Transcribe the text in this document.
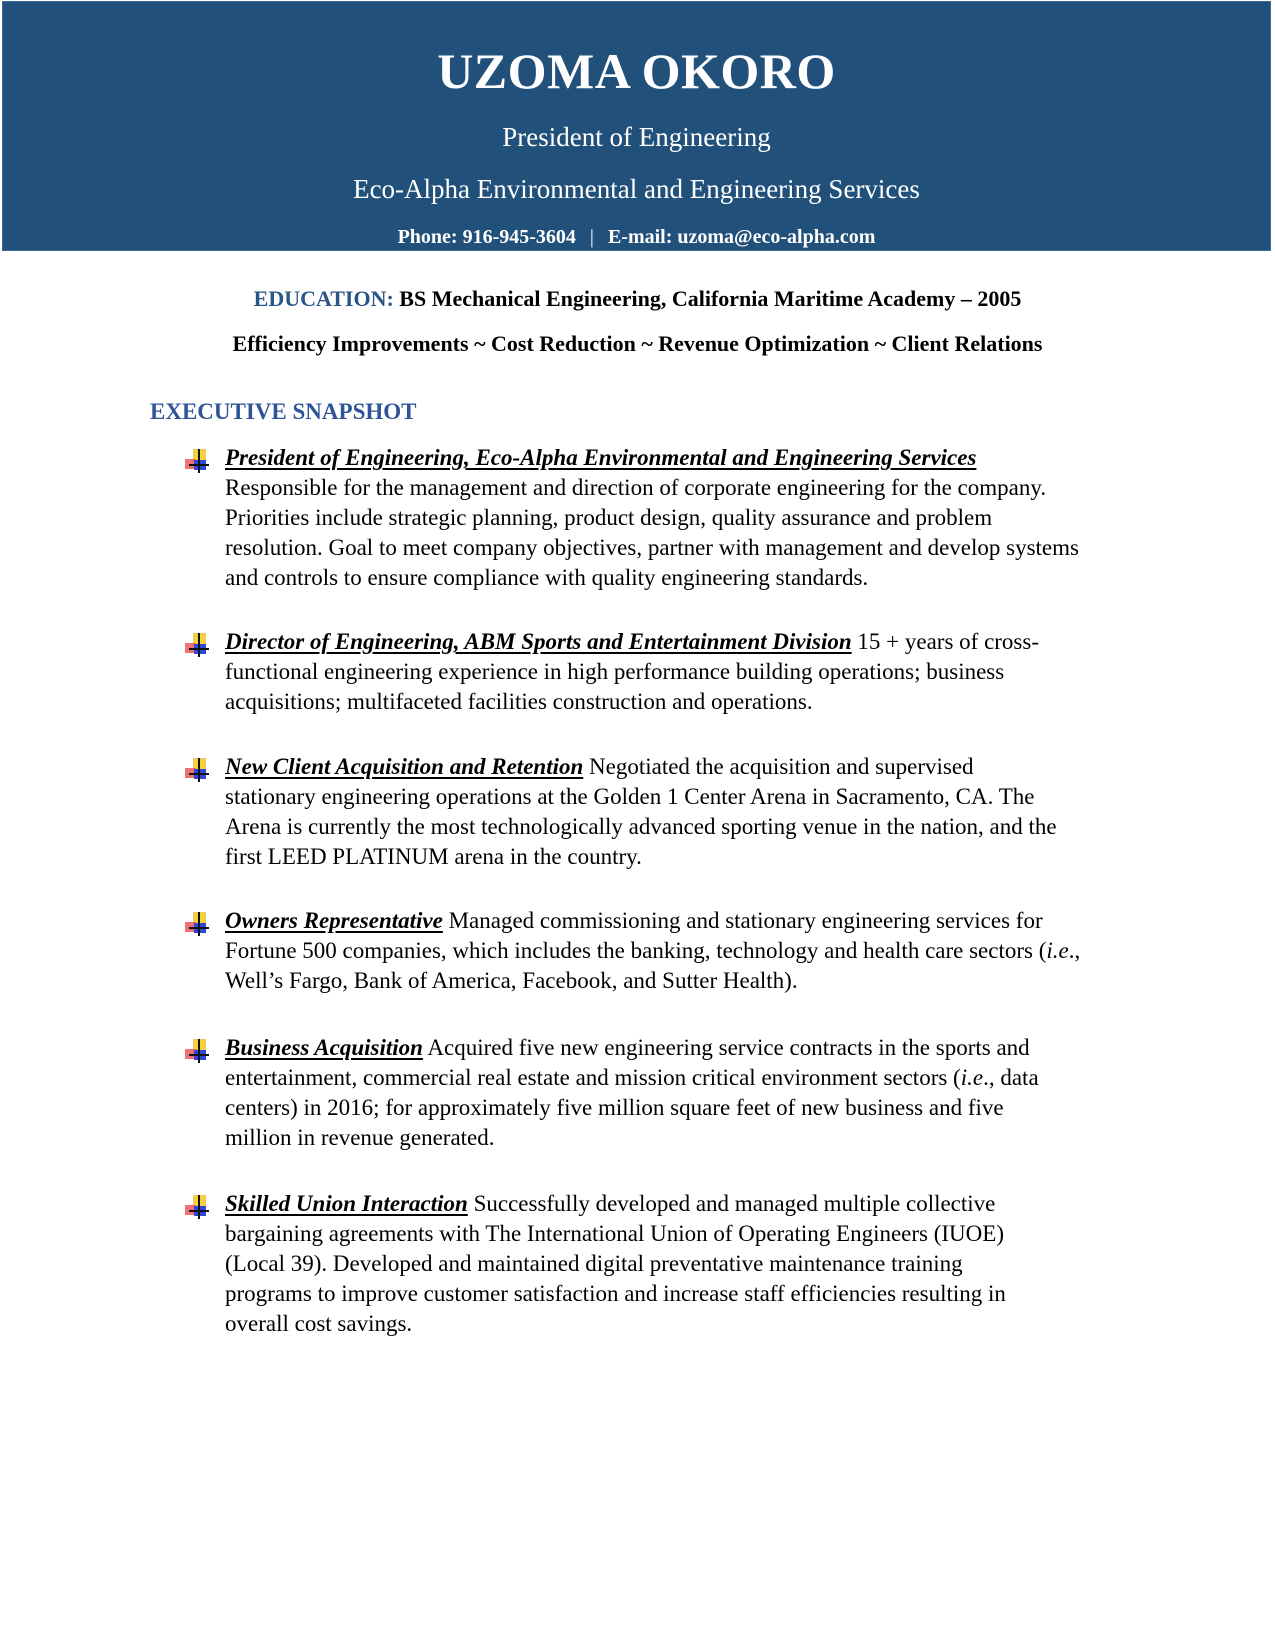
UZOMA OKORO
President of Engineering
Eco-Alpha Environmental and Engineering Services
Phone: 916-945-3604 | E-mail: uzoma@eco-alpha.com
EDUCATION: BS Mechanical Engineering, California Maritime Academy – 2005
Efficiency Improvements ~ Cost Reduction ~ Revenue Optimization ~ Client Relations
EXECUTIVE SNAPSHOT
President of Engineering, Eco-Alpha Environmental and Engineering Services
Responsible for the management and direction of corporate engineering for the company. Priorities include strategic planning, product design, quality assurance and problem resolution. Goal to meet company objectives, partner with management and develop systems and controls to ensure compliance with quality engineering standards.
Director of Engineering, ABM Sports and Entertainment Division 15 + years of cross-functional engineering experience in high performance building operations; business acquisitions; multifaceted facilities construction and operations.
New Client Acquisition and Retention Negotiated the acquisition and supervised stationary engineering operations at the Golden 1 Center Arena in Sacramento, CA. The Arena is currently the most technologically advanced sporting venue in the nation, and the first LEED PLATINUM arena in the country.
Owners Representative Managed commissioning and stationary engineering services for Fortune 500 companies, which includes the banking, technology and health care sectors (i.e., Well’s Fargo, Bank of America, Facebook, and Sutter Health).
Business Acquisition Acquired five new engineering service contracts in the sports and entertainment, commercial real estate and mission critical environment sectors (i.e., data centers) in 2016; for approximately five million square feet of new business and five million in revenue generated.
Skilled Union Interaction Successfully developed and managed multiple collective bargaining agreements with The International Union of Operating Engineers (IUOE) (Local 39). Developed and maintained digital preventative maintenance training programs to improve customer satisfaction and increase staff efficiencies resulting in overall cost savings.
